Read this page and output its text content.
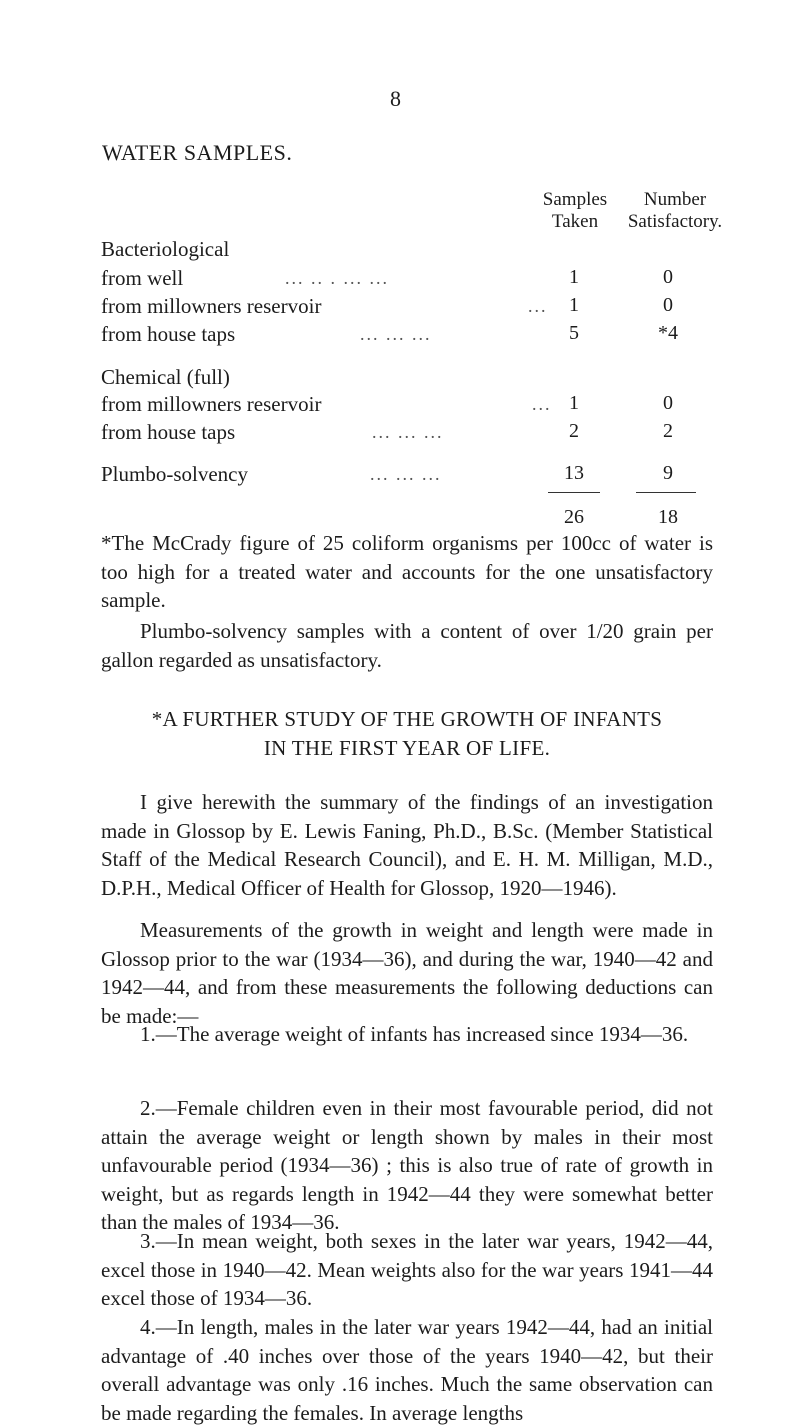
8
WATER SAMPLES.
Samples
Taken
Number
Satisfactory.
Bacteriological
from well	... .. . ... ...	1	0
from millowners reservoir	...	1	0
from house taps	... ... ...	5	*4
Chemical (full)
from millowners reservoir	... 1	0
from house taps	... ... ...	2	2
Plumbo-solvency	... ... ...	13	9
26	18
*The McCrady figure of 25 coliform organisms per 100cc of water is too high for a treated water and accounts for the one unsatisfactory sample.
Plumbo-solvency samples with a content of over 1/20 grain per gallon regarded as unsatisfactory.
*A FURTHER STUDY OF THE GROWTH OF INFANTS
IN THE FIRST YEAR OF LIFE.
I give herewith the summary of the findings of an investigation made in Glossop by E. Lewis Faning, Ph.D., B.Sc. (Member Statistical Staff of the Medical Research Council), and E. H. M. Milligan, M.D., D.P.H., Medical Officer of Health for Glossop, 1920—1946).
Measurements of the growth in weight and length were made in Glossop prior to the war (1934—36), and during the war, 1940—42 and 1942—44, and from these measurements the following deductions can be made:—
1.—The average weight of infants has increased since 1934—36.
2.—Female children even in their most favourable period, did not attain the average weight or length shown by males in their most unfavourable period (1934—36) ; this is also true of rate of growth in weight, but as regards length in 1942—44 they were somewhat better than the males of 1934—36.
3.—In mean weight, both sexes in the later war years, 1942—44, excel those in 1940—42. Mean weights also for the war years 1941—44 excel those of 1934—36.
4.—In length, males in the later war years 1942—44, had an initial advantage of .40 inches over those of the years 1940—42, but their overall advantage was only .16 inches. Much the same observation can be made regarding the females. In average lengths
